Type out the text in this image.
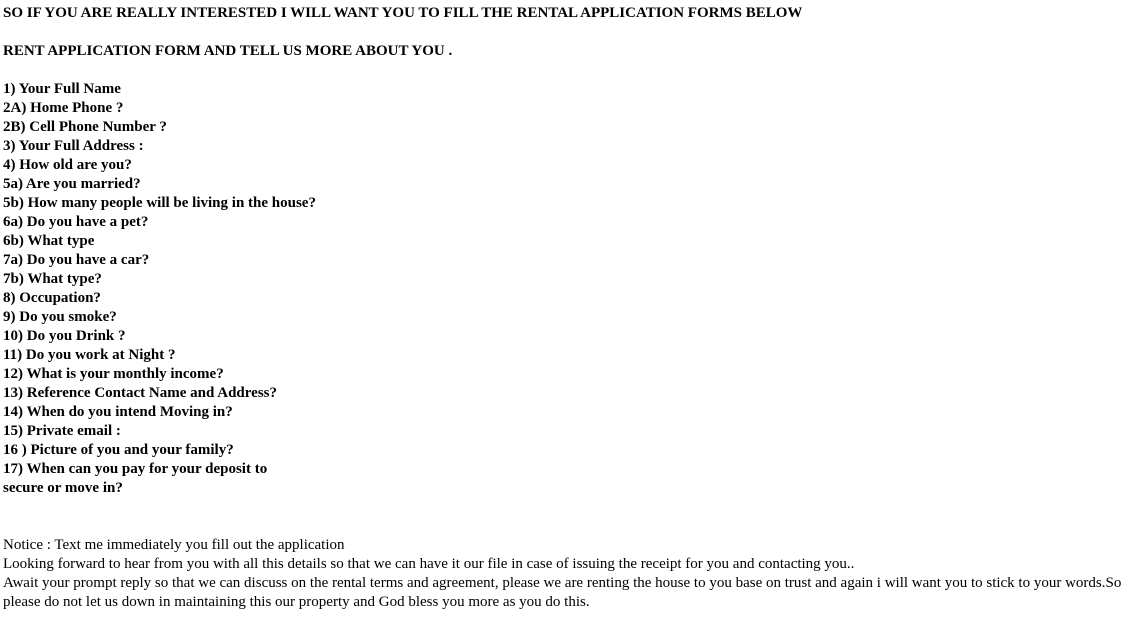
SO IF YOU ARE REALLY INTERESTED I WILL WANT YOU TO FILL THE RENTAL APPLICATION FORMS BELOW

RENT APPLICATION FORM AND TELL US MORE ABOUT YOU .

1) Your Full Name
2A) Home Phone ?
2B) Cell Phone Number ?
3) Your Full Address :
4) How old are you?
5a) Are you married?
5b) How many people will be living in the house?
6a) Do you have a pet?
6b) What type
7a) Do you have a car?
7b) What type?
8) Occupation?
9) Do you smoke?
10) Do you Drink ?
11) Do you work at Night ?
12) What is your monthly income?
13) Reference Contact Name and Address?
14) When do you intend Moving in?
15) Private email :
16 ) Picture of you and your family?
17) When can you pay for your deposit to
secure or move in?

Notice : Text me immediately you fill out the application

Looking forward to hear from you with all this details so that we can have it our file in case of issuing the receipt for you and contacting you..

Await your prompt reply so that we can discuss on the rental terms and agreement, please we are renting the house to you base on trust and again i will want you to stick to your words.So please do not let us down in maintaining this our property and God bless you more as you do this.
